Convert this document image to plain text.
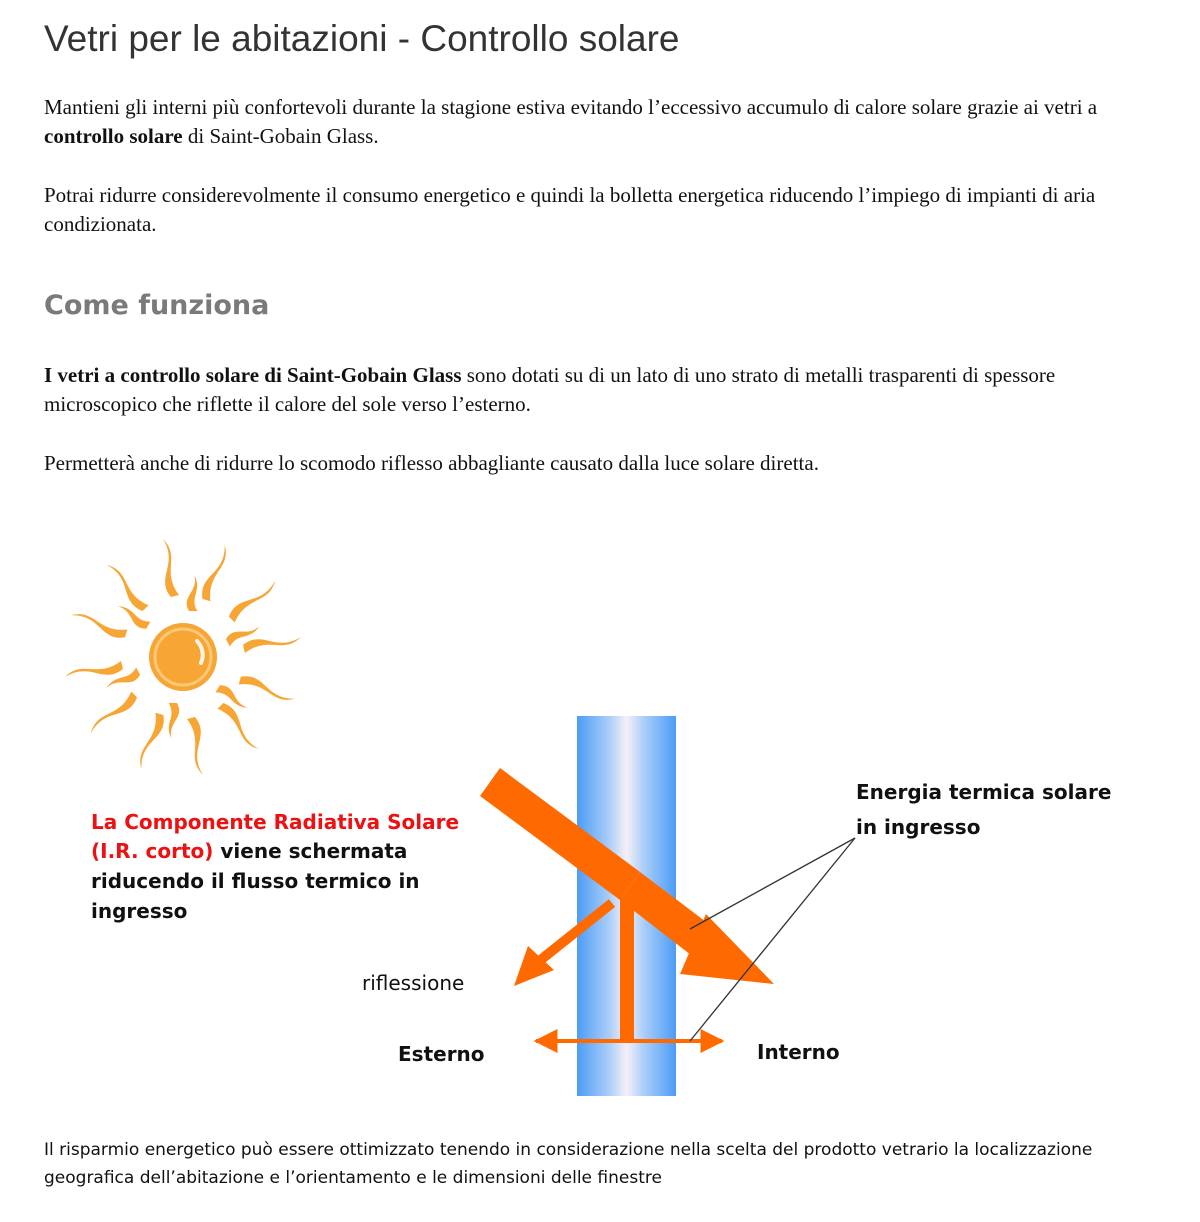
Vetri per le abitazioni - Controllo solare

Mantieni gli interni più confortevoli durante la stagione estiva evitando l’eccessivo accumulo di calore solare grazie ai vetri a controllo solare di Saint-Gobain Glass.

Potrai ridurre considerevolmente il consumo energetico e quindi la bolletta energetica riducendo l’impiego di impianti di aria condizionata.

Come funziona

I vetri a controllo solare di Saint-Gobain Glass sono dotati su di un lato di uno strato di metalli trasparenti di spessore microscopico che riflette il calore del sole verso l’esterno.

Permetterà anche di ridurre lo scomodo riflesso abbagliante causato dalla luce solare diretta.

La Componente Radiativa Solare
(I.R. corto) viene schermata
riducendo il flusso termico in
ingresso
Energia termica solare
in ingresso
riflessione
Esterno	Interno

Il risparmio energetico può essere ottimizzato tenendo in considerazione nella scelta del prodotto vetrario la localizzazione geografica dell’abitazione e l’orientamento e le dimensioni delle finestre
